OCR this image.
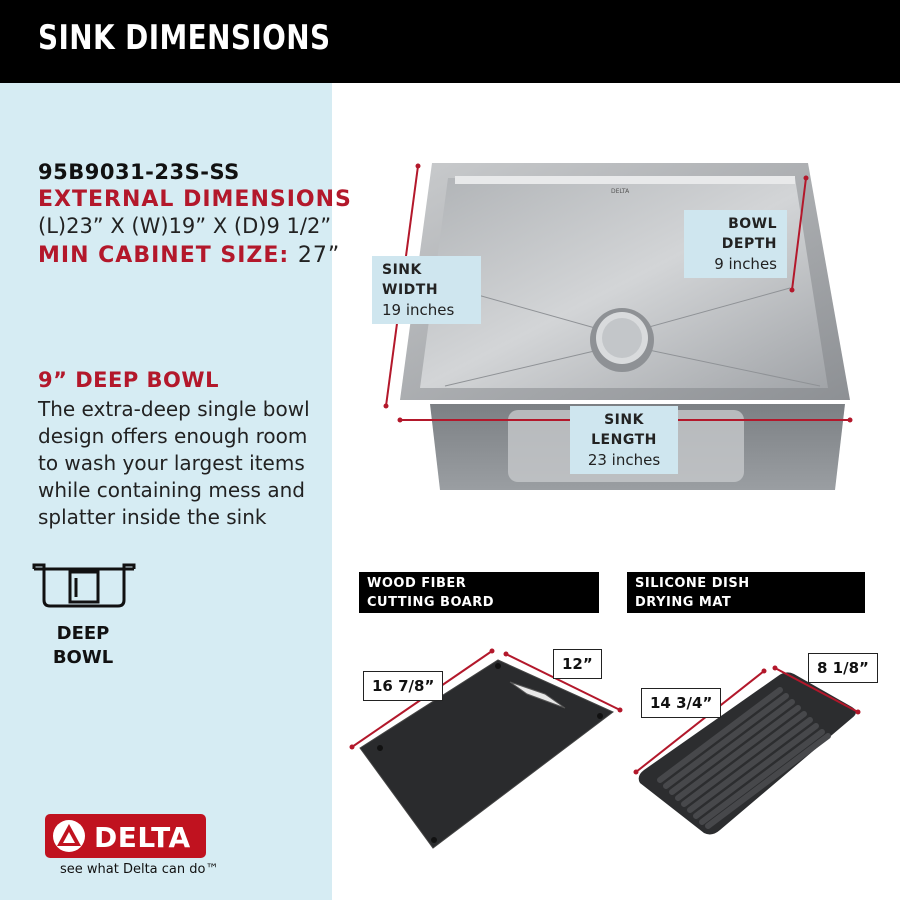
SINK DIMENSIONS
95B9031-23S-SS
EXTERNAL DIMENSIONS
(L)23” X (W)19” X (D)9 1/2”
MIN CABINET SIZE: 27”
9” DEEP BOWL
The extra-deep single bowl design offers enough room to wash your largest items while containing mess and splatter inside the sink
DEEP BOWL
DELTA
see what Delta can do™
DELTA
SINK WIDTH
19 inches
BOWL DEPTH
9 inches
SINK LENGTH
23 inches
WOOD FIBER CUTTING BOARD
SILICONE DISH DRYING MAT
16 7/8”
12”
14 3/4”
8 1/8”
